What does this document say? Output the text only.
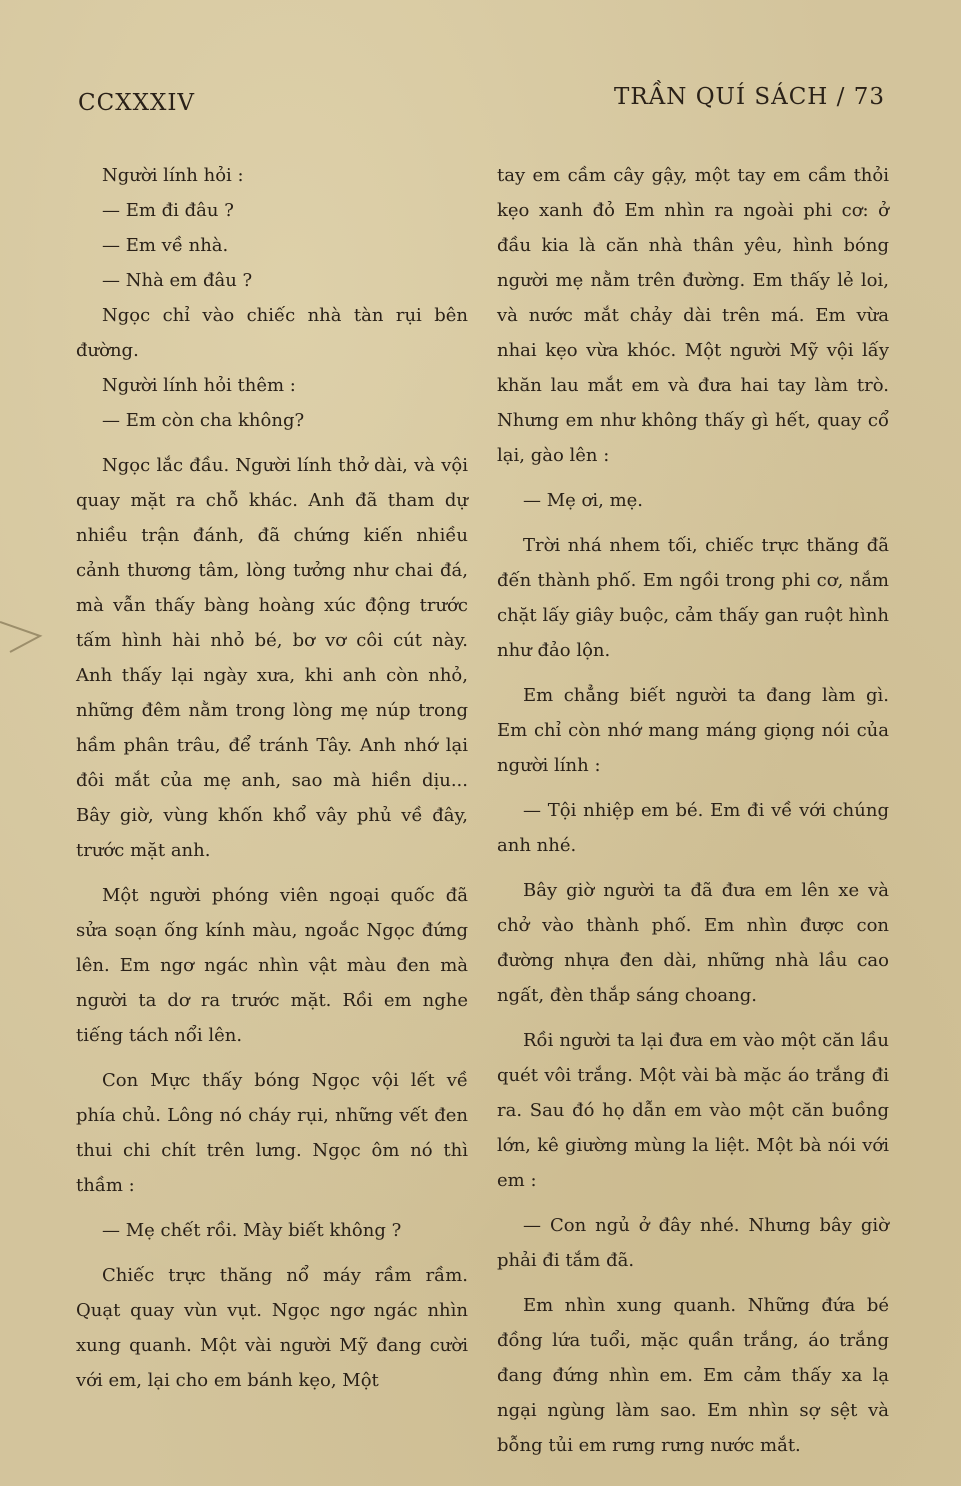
CCXXXIV	TRẦN QUÍ SÁCH / 73

Người lính hỏi :

— Em đi đâu ?

— Em về nhà.

— Nhà em đâu ?

Ngọc chỉ vào chiếc nhà tàn rụi bên đường.

Người lính hỏi thêm :

— Em còn cha không?

Ngọc lắc đầu. Người lính thở dài, và vội quay mặt ra chỗ khác. Anh đã tham dự nhiều trận đánh, đã chứng kiến nhiều cảnh thương tâm, lòng tưởng như chai đá, mà vẫn thấy bàng hoàng xúc động trước tấm hình hài nhỏ bé, bơ vơ côi cút này. Anh thấy lại ngày xưa, khi anh còn nhỏ, những đêm nằm trong lòng mẹ núp trong hầm phân trâu, để tránh Tây. Anh nhớ lại đôi mắt của mẹ anh, sao mà hiền dịu... Bây giờ, vùng khốn khổ vây phủ về đây, trước mặt anh.

Một người phóng viên ngoại quốc đã sửa soạn ống kính màu, ngoắc Ngọc đứng lên. Em ngơ ngác nhìn vật màu đen mà người ta dơ ra trước mặt. Rồi em nghe tiếng tách nổi lên.

Con Mực thấy bóng Ngọc vội lết về phía chủ. Lông nó cháy rụi, những vết đen thui chi chít trên lưng. Ngọc ôm nó thì thầm :

— Mẹ chết rồi. Mày biết không ?

Chiếc trực thăng nổ máy rầm rầm. Quạt quay vùn vụt. Ngọc ngơ ngác nhìn xung quanh. Một vài người Mỹ đang cười với em, lại cho em bánh kẹo, Một

tay em cầm cây gậy, một tay em cầm thỏi kẹo xanh đỏ Em nhìn ra ngoài phi cơ: ở đầu kia là căn nhà thân yêu, hình bóng người mẹ nằm trên đường. Em thấy lẻ loi, và nước mắt chảy dài trên má. Em vừa nhai kẹo vừa khóc. Một người Mỹ vội lấy khăn lau mắt em và đưa hai tay làm trò. Nhưng em như không thấy gì hết, quay cổ lại, gào lên :

— Mẹ ơi, mẹ.

Trời nhá nhem tối, chiếc trực thăng đã đến thành phố. Em ngồi trong phi cơ, nắm chặt lấy giây buộc, cảm thấy gan ruột hình như đảo lộn.

Em chẳng biết người ta đang làm gì. Em chỉ còn nhớ mang máng giọng nói của người lính :

— Tội nhiệp em bé. Em đi về với chúng anh nhé.

Bây giờ người ta đã đưa em lên xe và chở vào thành phố. Em nhìn được con đường nhựa đen dài, những nhà lầu cao ngất, đèn thắp sáng choang.

Rồi người ta lại đưa em vào một căn lầu quét vôi trắng. Một vài bà mặc áo trắng đi ra. Sau đó họ dẫn em vào một căn buồng lớn, kê giường mùng la liệt. Một bà nói với em :

— Con ngủ ở đây nhé. Nhưng bây giờ phải đi tắm đã.

Em nhìn xung quanh. Những đứa bé đồng lứa tuổi, mặc quần trắng, áo trắng đang đứng nhìn em. Em cảm thấy xa lạ ngại ngùng làm sao. Em nhìn sợ sệt và bỗng tủi em rưng rưng nước mắt.
